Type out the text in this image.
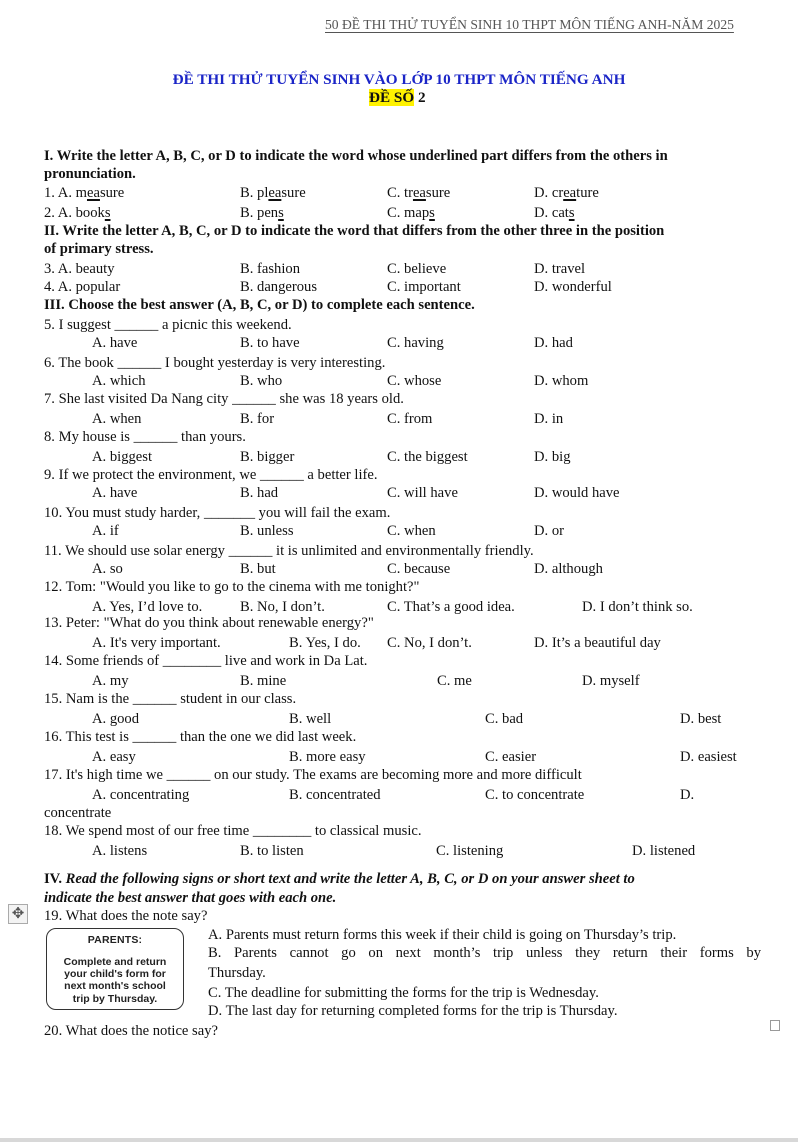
50 ĐỀ THI THỬ TUYỂN SINH 10 THPT MÔN TIẾNG ANH-NĂM 2025
ĐỀ THI THỬ TUYỂN SINH VÀO LỚP 10 THPT MÔN TIẾNG ANH
ĐỀ SỐ 2
I. Write the letter A, B, C, or D to indicate the word whose underlined part differs from the others in
pronunciation.
1. A. measure	B. pleasure	C. treasure	D. creature
2. A. books	B. pens	C. maps	D. cats
II. Write the letter A, B, C, or D to indicate the word that differs from the other three in the position
of primary stress.
3. A. beauty	B. fashion	C. believe	D. travel
4. A. popular	B. dangerous	C. important	D. wonderful
III. Choose the best answer (A, B, C, or D) to complete each sentence.
5. I suggest ______ a picnic this weekend.
A. have	B. to have	C. having	D. had
6. The book ______ I bought yesterday is very interesting.
A. which	B. who	C. whose	D. whom
7. She last visited Da Nang city ______ she was 18 years old.
A. when	B. for	C. from	D. in
8. My house is ______ than yours.
A. biggest	B. bigger	C. the biggest	D. big
9. If we protect the environment, we ______ a better life.
A. have	B. had	C. will have	D. would have
10. You must study harder, _______ you will fail the exam.
A. if	B. unless	C. when	D. or
11. We should use solar energy ______ it is unlimited and environmentally friendly.
A. so	B. but	C. because	D. although
12. Tom: "Would you like to go to the cinema with me tonight?"
A. Yes, I’d love to.	B. No, I don’t.	C. That’s a good idea.	D. I don’t think so.
13. Peter: "What do you think about renewable energy?"
A. It's very important.	B. Yes, I do. C. No, I don’t.	D. It’s a beautiful day
14. Some friends of ________ live and work in Da Lat.
A. my	B. mine	C. me	D. myself
15. Nam is the ______ student in our class.
A. good	B. well	C. bad	D. best
16. This test is ______ than the one we did last week.
A. easy	B. more easy	C. easier	D. easiest
17. It's high time we ______ on our study. The exams are becoming more and more difficult
A. concentrating	B. concentrated	C. to concentrate	D.
concentrate
18. We spend most of our free time ________ to classical music.
A. listens	B. to listen	C. listening	D. listened
IV. Read the following signs or short text and write the letter A, B, C, or D on your answer sheet to
indicate the best answer that goes with each one.
✥ 19. What does the note say?
PARENTS:
Complete and return
your child's form for
next month's school
trip by Thursday.
A. Parents must return forms this week if their child is going on Thursday’s trip.
B. Parents cannot go on next month’s trip unless they return their forms by
Thursday.
C. The deadline for submitting the forms for the trip is Wednesday.
D. The last day for returning completed forms for the trip is Thursday.
20. What does the notice say?
